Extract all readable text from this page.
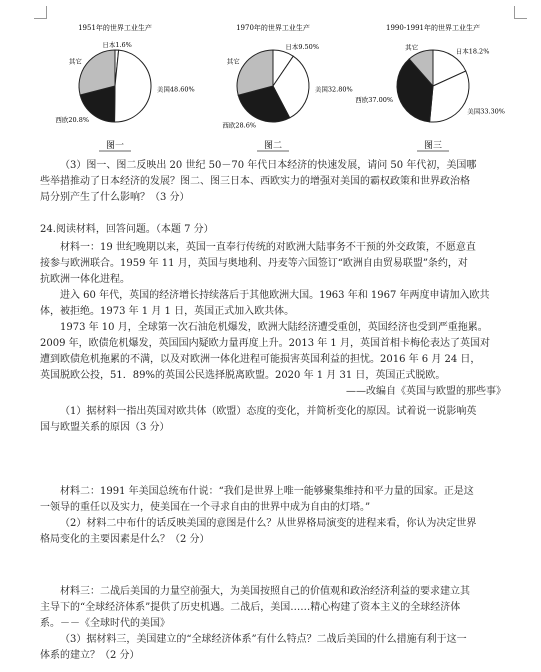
1951年的世界工业生产
日本1.6%
美国48.60%
西欧20.8%
其它
图一
1970年的世界工业生产
日本9.50%
美国32.80%
西欧28.6%
其它
图二
1990-1991年的世界工业生产
日本18.2%
美国33.30%
西欧37.00%
其它
图三
（3）图一、图二反映出 20 世纪 50－70 年代日本经济的快速发展，请问 50 年代初，美国哪
些举措推动了日本经济的发展？图二、图三日本、西欧实力的增强对美国的霸权政策和世界政治格
局分别产生了什么影响？（3 分）
24.阅读材料，回答问题。（本题 7 分）
材料一：19 世纪晚期以来，英国一直奉行传统的对欧洲大陆事务不干预的外交政策，不愿意直
接参与欧洲联合。1959 年 11 月，英国与奥地利、丹麦等六国签订“欧洲自由贸易联盟”条约，对
抗欧洲一体化进程。
进入 60 年代，英国的经济增长持续落后于其他欧洲大国。1963 年和 1967 年两度申请加入欧共
体，被拒绝。1973 年 1 月 1 日，英国正式加入欧共体。
1973 年 10 月，全球第一次石油危机爆发，欧洲大陆经济遭受重创，英国经济也受到严重拖累。
2009 年，欧债危机爆发，英国国内疑欧力量再度上升。2013 年 1 月，英国首相卡梅伦表达了英国对
遭到欧债危机拖累的不满，以及对欧洲一体化进程可能损害英国利益的担忧。2016 年 6 月 24 日，
英国脱欧公投，51．89%的英国公民选择脱离欧盟。2020 年 1 月 31 日，英国正式脱欧。
——改编自《英国与欧盟的那些事》
（1）据材料一指出英国对欧共体（欧盟）态度的变化，并简析变化的原因。试着说一说影响英
国与欧盟关系的原因（3 分）
材料二：1991 年美国总统布什说：“我们是世界上唯一能够聚集维持和平力量的国家。正是这
一领导的重任以及实力，使美国在一个寻求自由的世界中成为自由的灯塔。”
（2）材料二中布什的话反映美国的意图是什么？从世界格局演变的进程来看，你认为决定世界
格局变化的主要因素是什么？（2 分）
材料三：二战后美国的力量空前强大，为美国按照自己的价值观和政治经济利益的要求建立其
主导下的“全球经济体系”提供了历史机遇。二战后，美国……精心构建了资本主义的全球经济体
系。－－《全球时代的美国》
（3）据材料三，美国建立的“全球经济体系”有什么特点？二战后美国的什么措施有利于这一
体系的建立？（2 分）
